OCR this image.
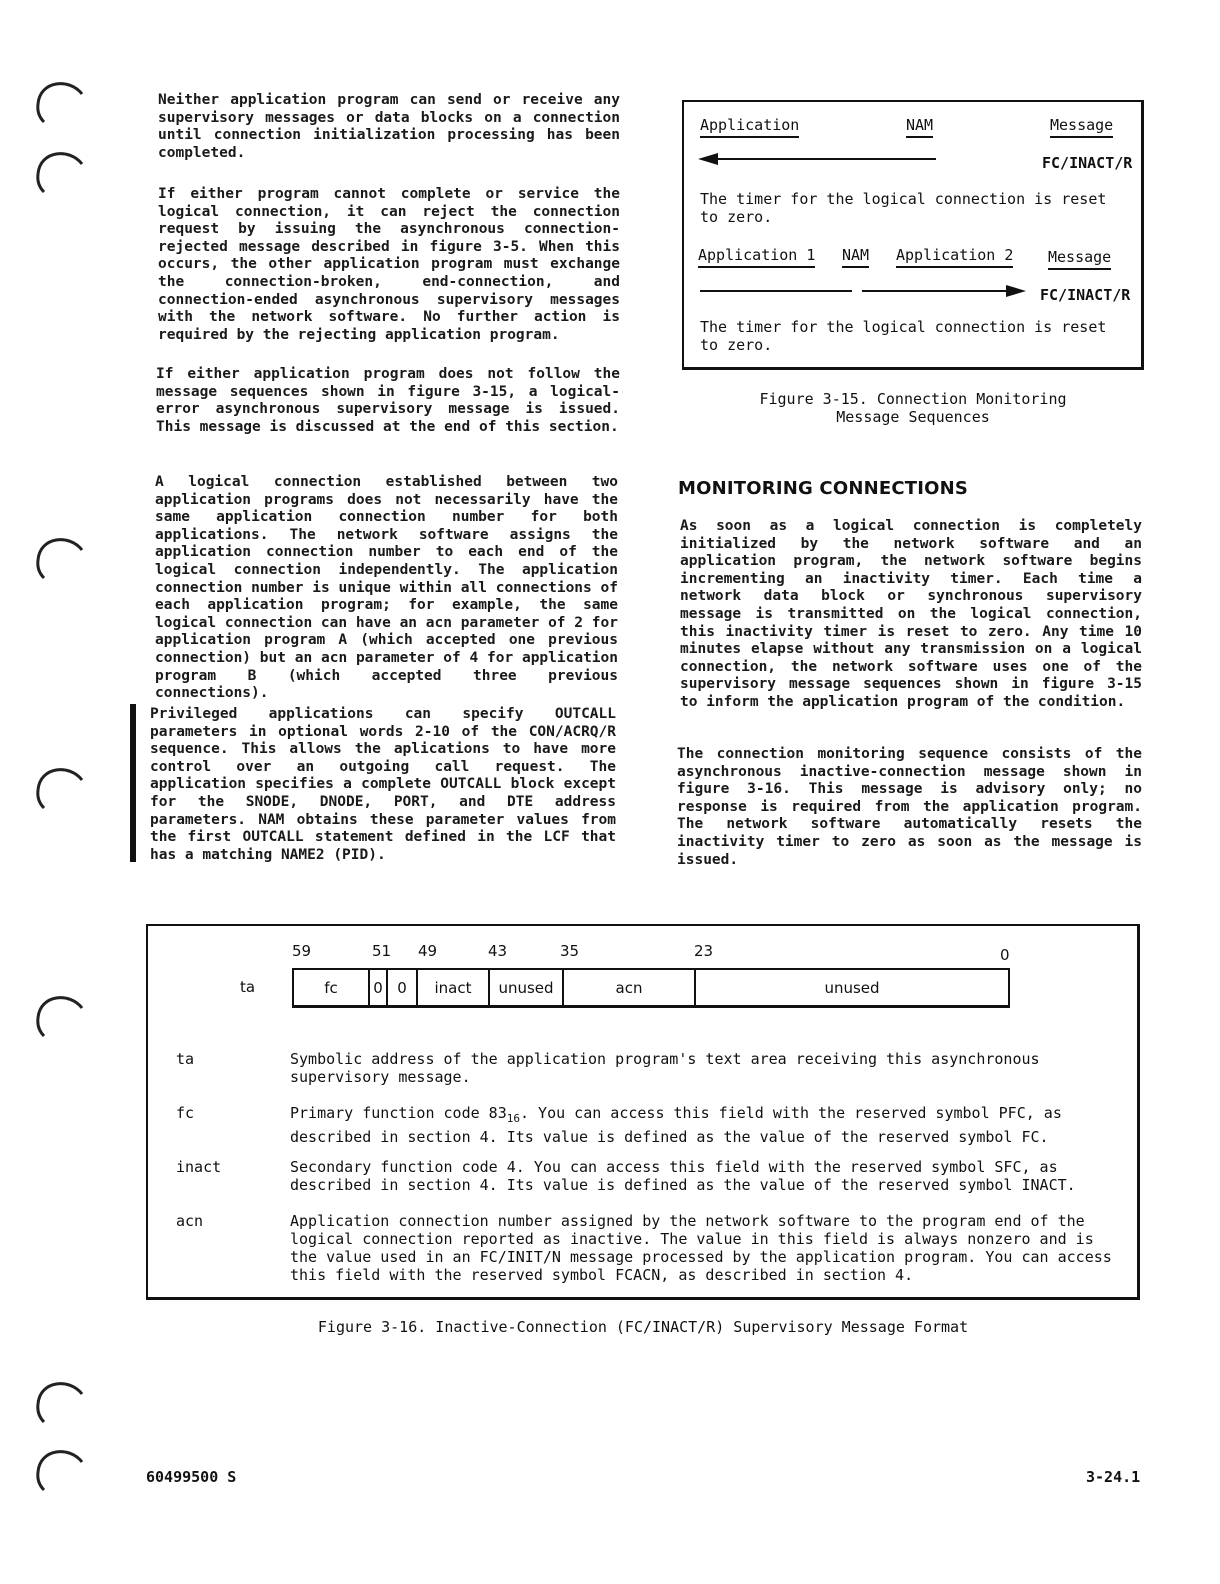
Neither application program can send or receive any supervisory messages or data blocks on a connection until connection initialization processing has been completed.

If either program cannot complete or service the logical connection, it can reject the connection request by issuing the asynchronous connection-rejected message described in figure 3-5. When this occurs, the other application program must exchange the connection-broken, end-connection, and connection-ended asynchronous supervisory messages with the network software. No further action is required by the rejecting application program.

If either application program does not follow the message sequences shown in figure 3-15, a logical-error asynchronous supervisory message is issued. This message is discussed at the end of this section.

A logical connection established between two application programs does not necessarily have the same application connection number for both applications. The network software assigns the application connection number to each end of the logical connection independently. The application connection number is unique within all connections of each application program; for example, the same logical connection can have an acn parameter of 2 for application program A (which accepted one previous connection) but an acn parameter of 4 for application program B (which accepted three previous connections).

Privileged applications can specify OUTCALL parameters in optional words 2-10 of the CON/ACRQ/R sequence. This allows the aplications to have more control over an outgoing call request. The application specifies a complete OUTCALL block except for the SNODE, DNODE, PORT, and DTE address parameters. NAM obtains these parameter values from the first OUTCALL statement defined in the LCF that has a matching NAME2 (PID).

Application	NAM	Message
FC/INACT/R

The timer for the logical connection is reset to zero.

Application 1 NAM Application 2 Message
FC/INACT/R

The timer for the logical connection is reset to zero.

Figure 3-15. Connection Monitoring
Message Sequences

MONITORING CONNECTIONS

As soon as a logical connection is completely initialized by the network software and an application program, the network software begins incrementing an inactivity timer. Each time a network data block or synchronous supervisory message is transmitted on the logical connection, this inactivity timer is reset to zero. Any time 10 minutes elapse without any transmission on a logical connection, the network software uses one of the supervisory message sequences shown in figure 3-15 to inform the application program of the condition.

The connection monitoring sequence consists of the asynchronous inactive-connection message shown in figure 3-16. This message is advisory only; no response is required from the application program. The network software automatically resets the inactivity timer to zero as soon as the message is issued.

59	51 49	43	35	23	0
ta	fc	0 0	inact	unused	acn	unused
ta	Symbolic address of the application program's text area receiving this asynchronous supervisory message.

fc	Primary function code $83_{16}$. You can access this field with the reserved symbol PFC, as described in section 4. Its value is defined as the value of the reserved symbol FC.

inact	Secondary function code 4. You can access this field with the reserved symbol SFC, as described in section 4. Its value is defined as the value of the reserved symbol INACT.

acn	Application connection number assigned by the network software to the program end of the logical connection reported as inactive. The value in this field is always nonzero and is the value used in an FC/INIT/N message processed by the application program. You can access this field with the reserved symbol FCACN, as described in section 4.

Figure 3-16. Inactive-Connection (FC/INACT/R) Supervisory Message Format

60499500 S	3-24.1
